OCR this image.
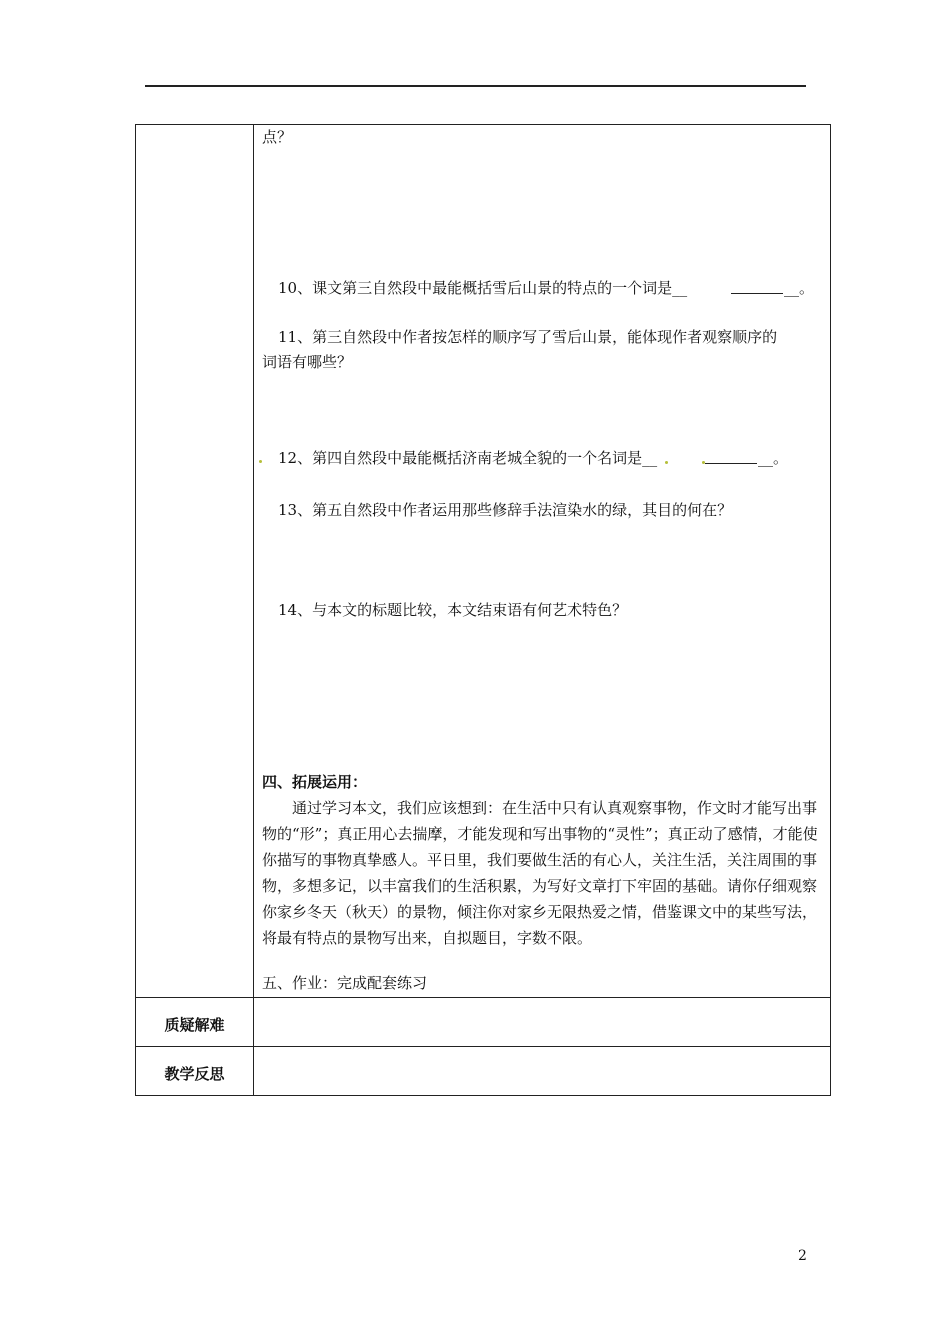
质疑解难
教学反思
点？
10、课文第三自然段中最能概括雪后山景的特点的一个词是__	__。
11、第三自然段中作者按怎样的顺序写了雪后山景，能体现作者观察顺序的
词语有哪些？
12、第四自然段中最能概括济南老城全貌的一个名词是__	__。
13、第五自然段中作者运用那些修辞手法渲染水的绿，其目的何在？
14、与本文的标题比较，本文结束语有何艺术特色？
四、拓展运用：
通过学习本文，我们应该想到：在生活中只有认真观察事物，作文时才能写出事物的“形”；真正用心去揣摩，才能发现和写出事物的“灵性”；真正动了感情，才能使你描写的事物真挚感人。平日里，我们要做生活的有心人，关注生活，关注周围的事物，多想多记，以丰富我们的生活积累，为写好文章打下牢固的基础。请你仔细观察你家乡冬天（秋天）的景物，倾注你对家乡无限热爱之情，借鉴课文中的某些写法，将最有特点的景物写出来，自拟题目，字数不限。
五、作业：完成配套练习
2
